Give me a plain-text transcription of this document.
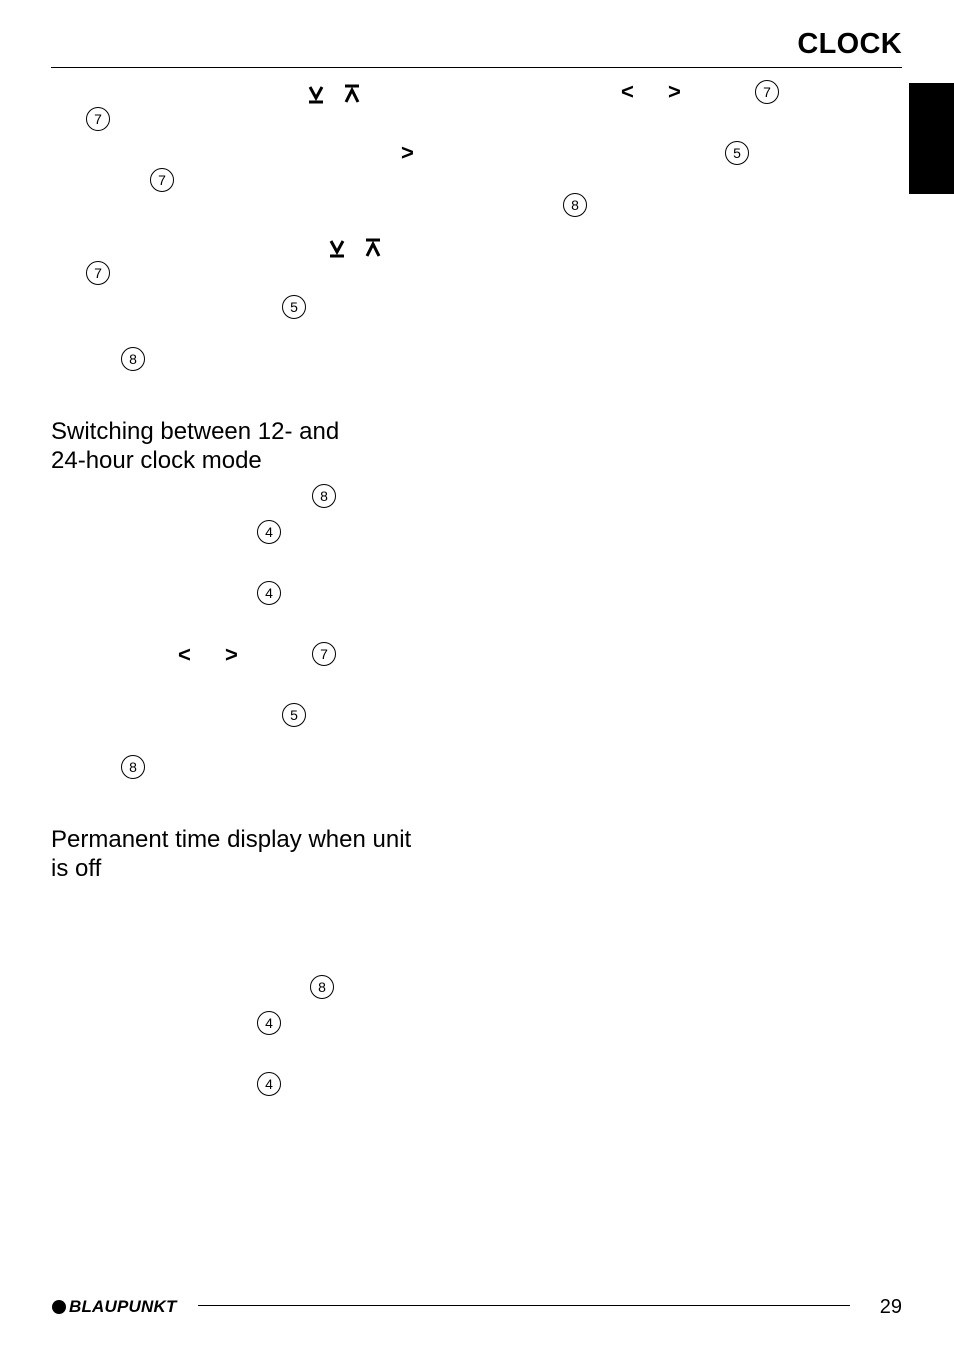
CLOCK
7
>
7
7
5
8
< >	7
5
8
Switching between 12- and
24-hour clock mode
8
4
4
< >	7
5
8
Permanent time display when unit
is off
8
4
4
BLAUPUNKT	29
